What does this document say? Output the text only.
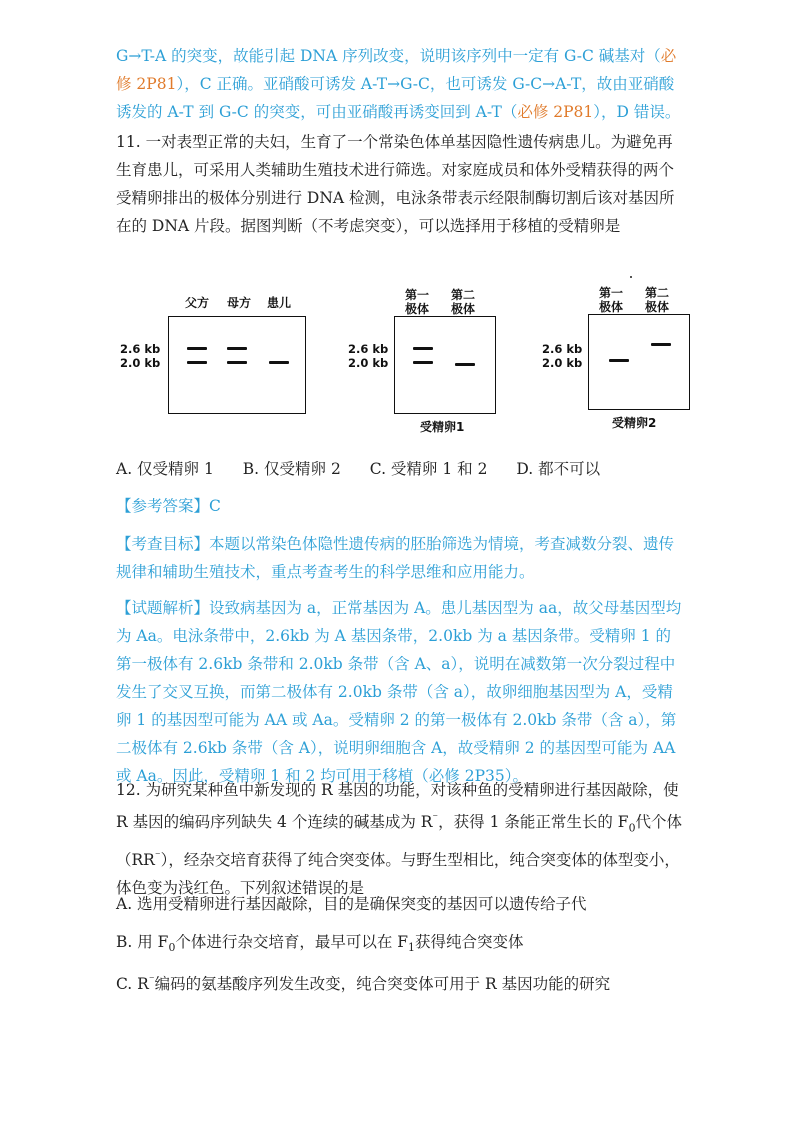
G→T-A 的突变，故能引起 DNA 序列改变，说明该序列中一定有 G-C 碱基对（必修 2P81），C 正确。亚硝酸可诱发 A-T→G-C，也可诱发 G-C→A-T，故由亚硝酸诱发的 A-T 到 G-C 的突变，可由亚硝酸再诱变回到 A-T（必修 2P81），D 错误。
11. 一对表型正常的夫妇，生育了一个常染色体单基因隐性遗传病患儿。为避免再生育患儿，可采用人类辅助生殖技术进行筛选。对家庭成员和体外受精获得的两个受精卵排出的极体分别进行 DNA 检测，电泳条带表示经限制酶切割后该对基因所在的 DNA 片段。据图判断（不考虑突变），可以选择用于移植的受精卵是
父方	母方	患儿
2.6 kb
2.0 kb
第一极体
第二极体
2.6 kb
2.0 kb
受精卵1
第一极体
第二极体
2.6 kb
2.0 kb
受精卵2
A. 仅受精卵 1 B. 仅受精卵 2 C. 受精卵 1 和 2 D. 都不可以
【参考答案】C
【考查目标】本题以常染色体隐性遗传病的胚胎筛选为情境，考查减数分裂、遗传规律和辅助生殖技术，重点考查考生的科学思维和应用能力。
【试题解析】设致病基因为 a，正常基因为 A。患儿基因型为 aa，故父母基因型均为 Aa。电泳条带中，2.6kb 为 A 基因条带，2.0kb 为 a 基因条带。受精卵 1 的第一极体有 2.6kb 条带和 2.0kb 条带（含 A、a），说明在减数第一次分裂过程中发生了交叉互换，而第二极体有 2.0kb 条带（含 a），故卵细胞基因型为 A，受精卵 1 的基因型可能为 AA 或 Aa。受精卵 2 的第一极体有 2.0kb 条带（含 a），第二极体有 2.6kb 条带（含 A），说明卵细胞含 A，故受精卵 2 的基因型可能为 AA 或 Aa。因此，受精卵 1 和 2 均可用于移植（必修 2P35）。
12. 为研究某种鱼中新发现的 R 基因的功能，对该种鱼的受精卵进行基因敲除，使 R 基因的编码序列缺失 4 个连续的碱基成为 R⁻，获得 1 条能正常生长的 $F_0$代个体（RR⁻），经杂交培育获得了纯合突变体。与野生型相比，纯合突变体的体型变小，体色变为浅红色。下列叙述错误的是
A. 选用受精卵进行基因敲除，目的是确保突变的基因可以遗传给子代
B. 用 $F_0$个体进行杂交培育，最早可以在 $F_1$获得纯合突变体
C. R⁻编码的氨基酸序列发生改变，纯合突变体可用于 R 基因功能的研究
